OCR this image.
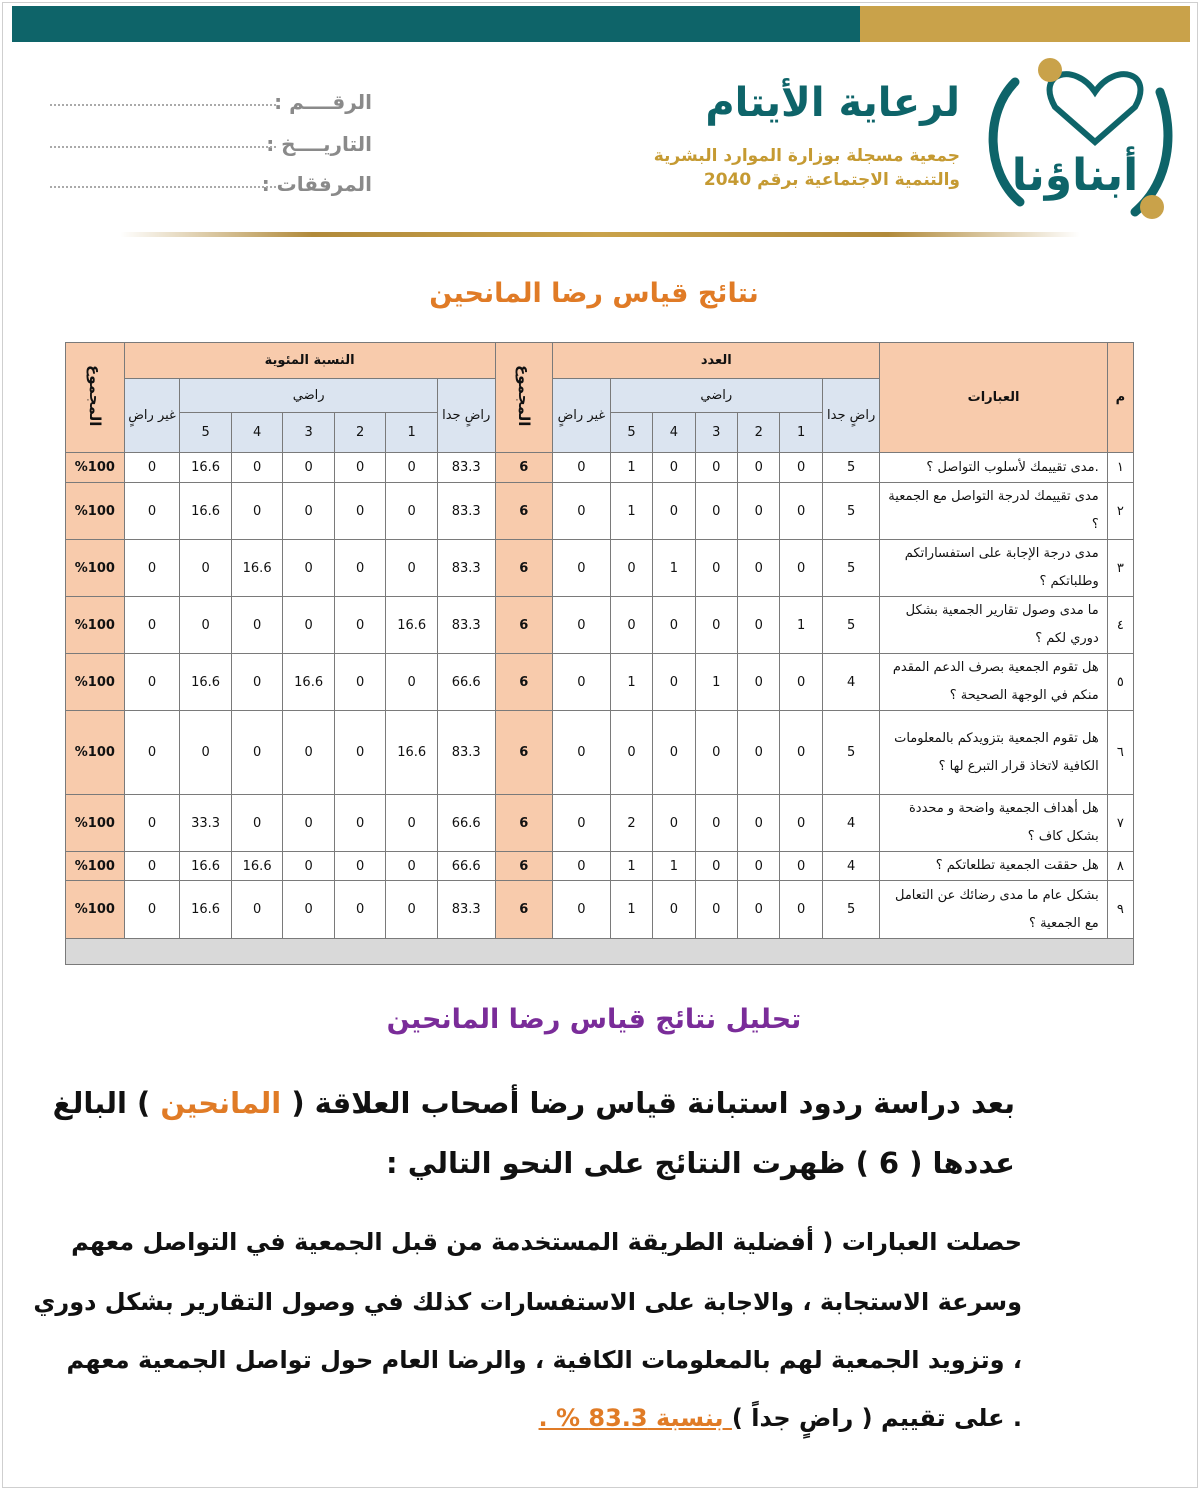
أبناؤنا
لرعاية الأيتام
جمعية مسجلة بوزارة الموارد البشرية
والتنمية الاجتماعية برقم 2040
الرقــــم :
التاريــــخ :
المرفقات :
نتائج قياس رضا المانحين
م	العبارات	العدد							المجموع	النسبة المئوية							المجموع
		راضٍ جدا	راضي					غير راضٍ		راضٍ جدا	راضي					غير راضٍ	
			1	2	3	4	5				1	2	3	4	5		
١	.مدى تقييمك لأسلوب التواصل ؟	5	0	0	0	0	1	0	6	83.3	0	0	0	0	16.6	0	%100
٢	مدى تقييمك لدرجة التواصل مع الجمعية ؟	5	0	0	0	0	1	0	6	83.3	0	0	0	0	16.6	0	%100
٣	مدى درجة الإجابة على استفساراتكم وطلباتكم ؟	5	0	0	0	1	0	0	6	83.3	0	0	0	16.6	0	0	%100
٤	ما مدى وصول تقارير الجمعية بشكل دوري لكم ؟	5	1	0	0	0	0	0	6	83.3	16.6	0	0	0	0	0	%100
٥	هل تقوم الجمعية بصرف الدعم المقدم منكم في الوجهة الصحيحة ؟	4	0	0	1	0	1	0	6	66.6	0	0	16.6	0	16.6	0	%100
٦	هل تقوم الجمعية بتزويدكم بالمعلومات الكافية لاتخاذ قرار التبرع لها ؟	5	0	0	0	0	0	0	6	83.3	16.6	0	0	0	0	0	%100
٧	هل أهداف الجمعية واضحة و محددة بشكل كاف ؟	4	0	0	0	0	2	0	6	66.6	0	0	0	0	33.3	0	%100
٨	هل حققت الجمعية تطلعاتكم ؟	4	0	0	0	1	1	0	6	66.6	0	0	0	16.6	16.6	0	%100
٩	بشكل عام ما مدى رضائك عن التعامل مع الجمعية ؟	5	0	0	0	0	1	0	6	83.3	0	0	0	0	16.6	0	%100

تحليل نتائج قياس رضا المانحين
بعد دراسة ردود استبانة قياس رضا أصحاب العلاقة ( المانحين ) البالغ
عددها ( 6 ) ظهرت النتائج على النحو التالي :
حصلت العبارات ( أفضلية الطريقة المستخدمة من قبل الجمعية في التواصل معهم
وسرعة الاستجابة ، والاجابة على الاستفسارات كذلك في وصول التقارير بشكل دوري
، وتزويد الجمعية لهم بالمعلومات الكافية ، والرضا العام حول تواصل الجمعية معهم
. على تقييم ( راضٍ جداً ) بنسبة 83.3 % .
